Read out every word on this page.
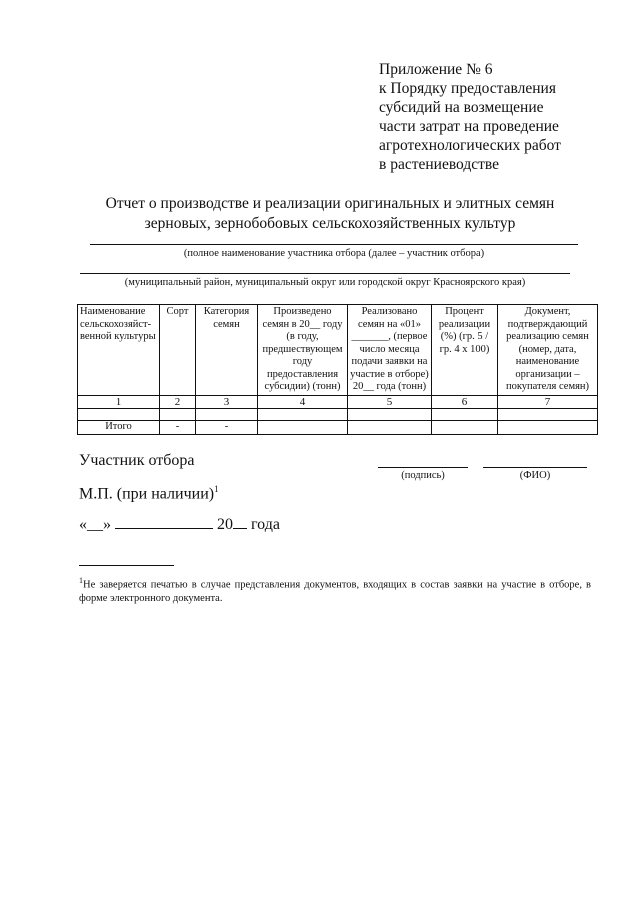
Приложение № 6
к Порядку предоставления
субсидий на возмещение
части затрат на проведение
агротехнологических работ
в растениеводстве
Отчет о производстве и реализации оригинальных и элитных семян
зерновых, зернобобовых сельскохозяйственных культур
(полное наименование участника отбора (далее – участник отбора)
(муниципальный район, муниципальный округ или городской округ Красноярского края)
Наименование сельскохозяйст-венной культуры	Сорт	Категория семян	Произведено семян в 20__ году (в году, предшествующем году предоставления субсидии) (тонн)	Реализовано семян на «01» _______, (первое число месяца подачи заявки на участие в отборе) 20__ года (тонн)	Процент реализации (%) (гр. 5 / гр. 4 х 100)	Документ, подтверждающий реализацию семян (номер, дата, наименование организации – покупателя семян)
1	2	3	4	5	6	7

Итого	-	-				
Участник отбора
(подпись)	(ФИО)
М.П. (при наличии)$^1$
«__»	20 года
$^1$Не заверяется печатью в случае представления документов, входящих в состав заявки на участие в отборе, в форме электронного документа.
